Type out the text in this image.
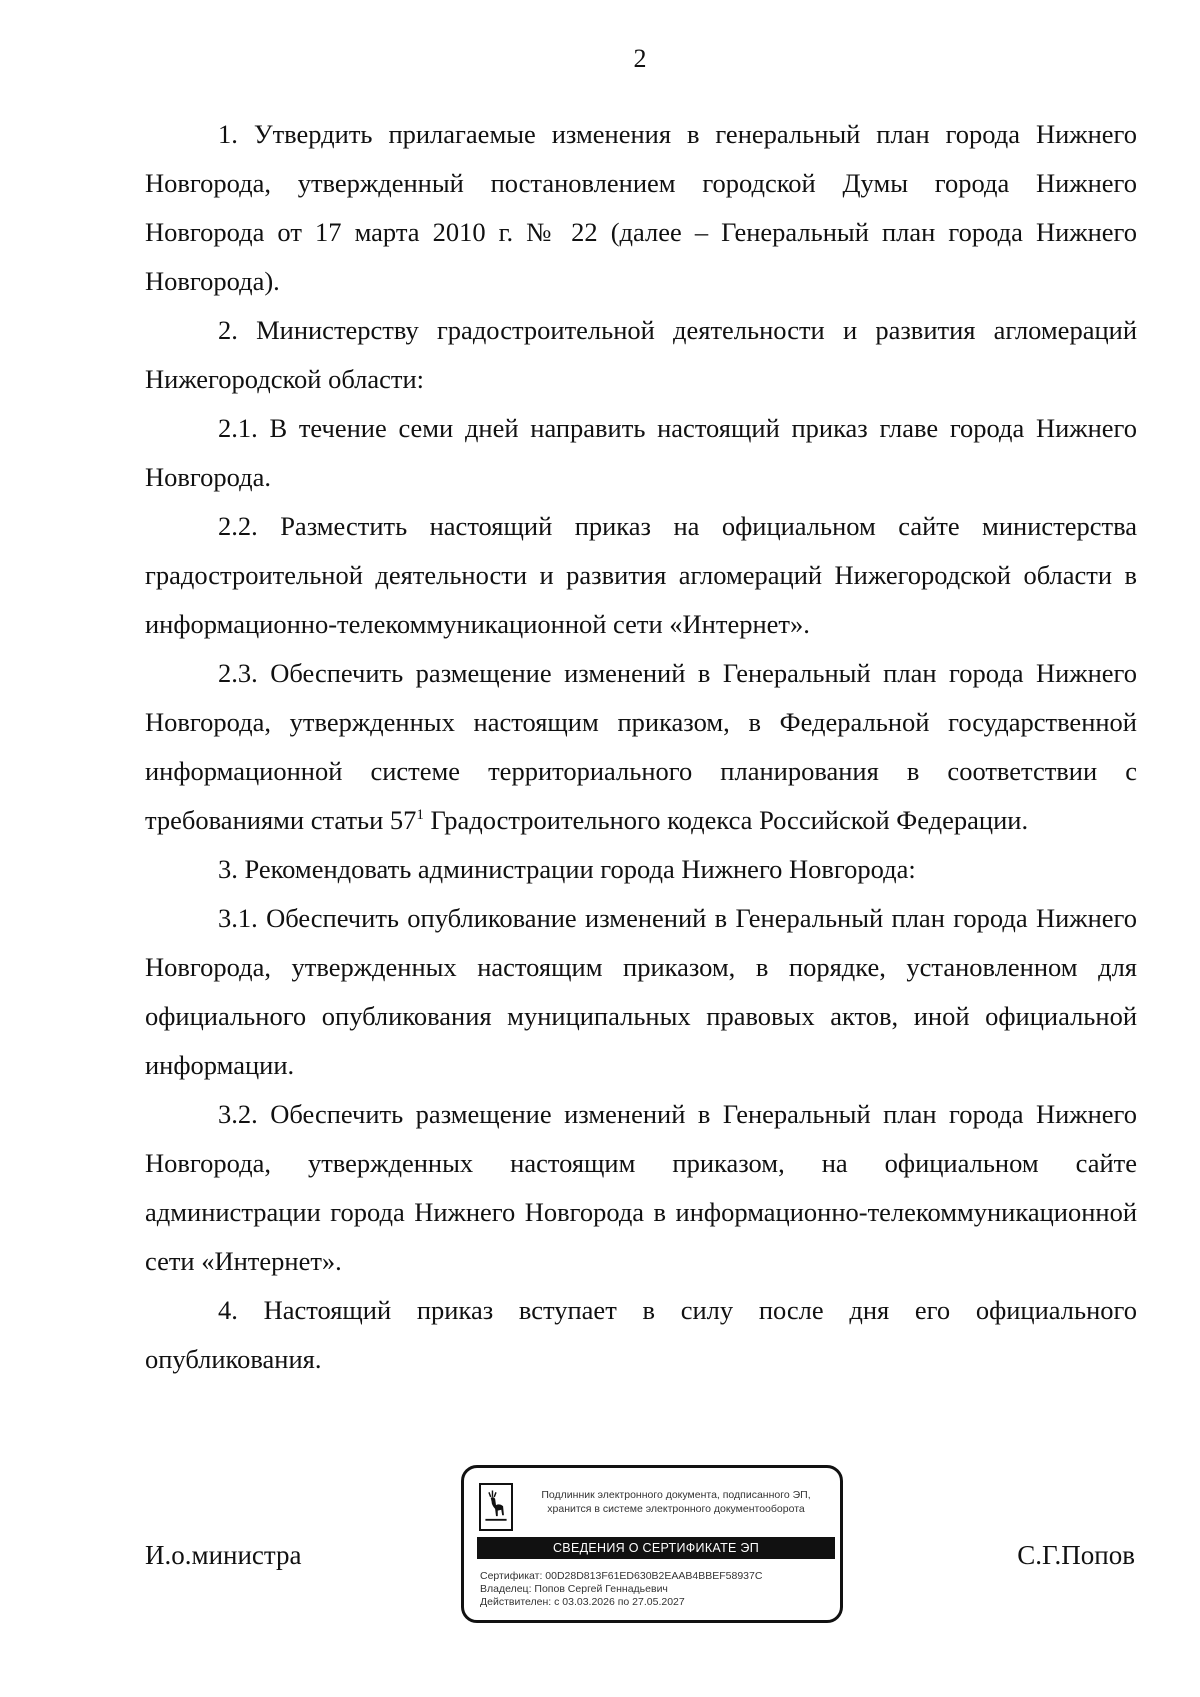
2

1. Утвердить прилагаемые изменения в генеральный план города Нижнего Новгорода, утвержденный постановлением городской Думы города Нижнего Новгорода от 17 марта 2010 г. № 22 (далее – Генеральный план города Нижнего Новгорода).

2. Министерству градостроительной деятельности и развития агломераций Нижегородской области:

2.1. В течение семи дней направить настоящий приказ главе города Нижнего Новгорода.

2.2. Разместить настоящий приказ на официальном сайте министерства градостроительной деятельности и развития агломераций Нижегородской области в информационно-телекоммуникационной сети «Интернет».

2.3. Обеспечить размещение изменений в Генеральный план города Нижнего Новгорода, утвержденных настоящим приказом, в Федеральной государственной информационной системе территориального планирования в соответствии с требованиями статьи $57^1$ Градостроительного кодекса Российской Федерации.

3. Рекомендовать администрации города Нижнего Новгорода:

3.1. Обеспечить опубликование изменений в Генеральный план города Нижнего Новгорода, утвержденных настоящим приказом, в порядке, установленном для официального опубликования муниципальных правовых актов, иной официальной информации.

3.2. Обеспечить размещение изменений в Генеральный план города Нижнего Новгорода, утвержденных настоящим приказом, на официальном сайте администрации города Нижнего Новгорода в информационно-телекоммуникационной сети «Интернет».

4. Настоящий приказ вступает в силу после дня его официального опубликования.

И.о.министра	С.Г.Попов
Подлинник электронного документа, подписанного ЭП,
хранится в системе электронного документооборота
СВЕДЕНИЯ О СЕРТИФИКАТЕ ЭП
Сертификат: 00D28D813F61ED630B2EAAB4BBEF58937C
Владелец: Попов Сергей Геннадьевич
Действителен: с 03.03.2026 по 27.05.2027
